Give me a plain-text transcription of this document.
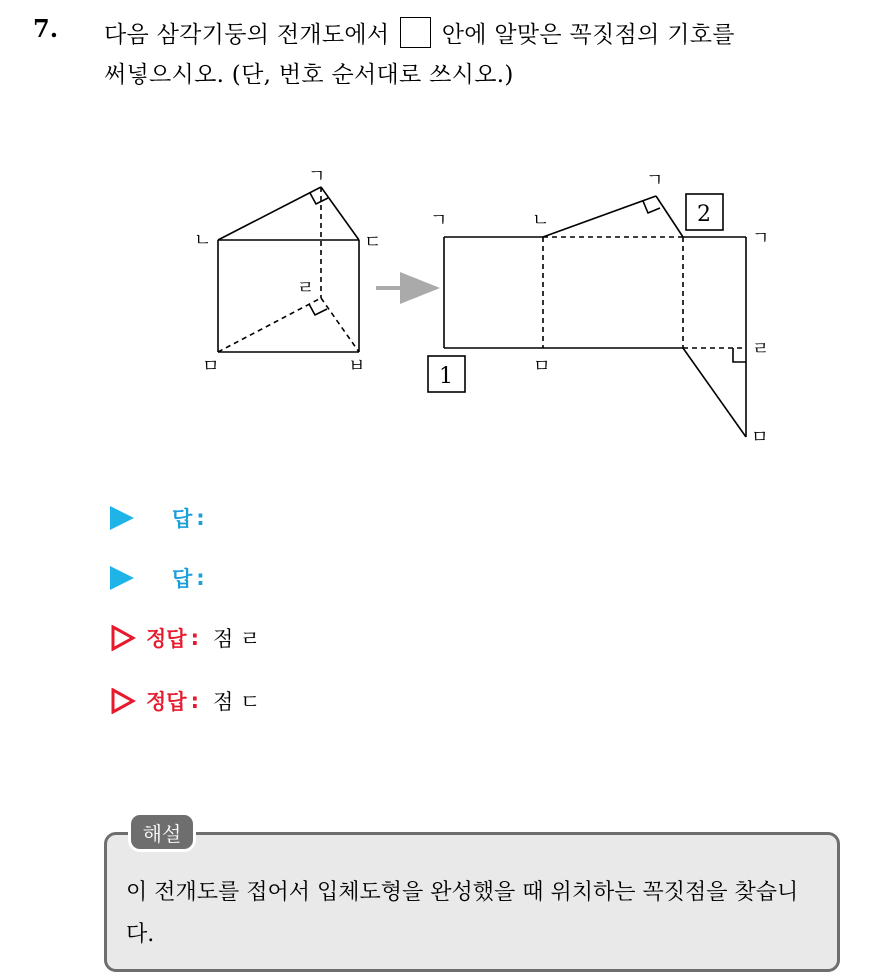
7. 다음 삼각기둥의 전개도에서 안에 알맞은 꼭짓점의 기호를
써넣으시오. (단, 번호 순서대로 쓰시오.)
ㄱ
ㄴ	ㄷ
ㄹ
ㅁ	ㅂ
ㄱ	ㄴ
ㄱ
ㄱ
ㅁ
ㄹ
ㅁ
1
2
답 :
답 :
정답 : 점 ㄹ
정답 : 점 ㄷ
해설
이 전개도를 접어서 입체도형을 완성했을 때 위치하는 꼭짓점을 찾습니다.
